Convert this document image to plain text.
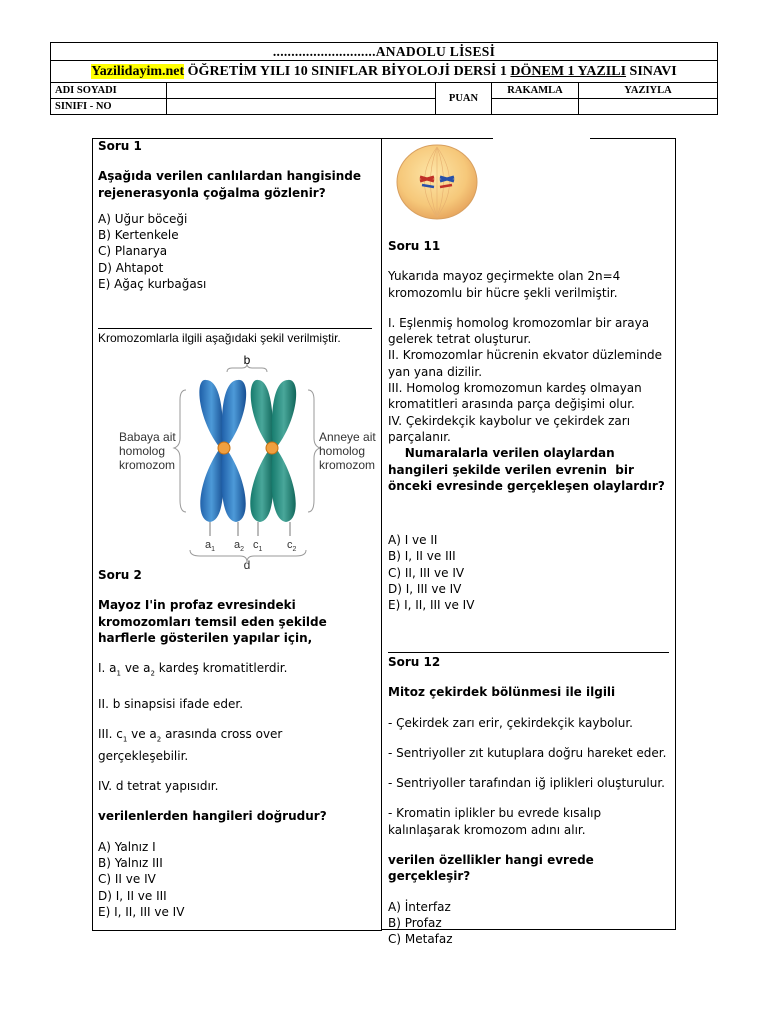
............................ANADOLU LİSESİ				
Yazilidayim.net ÖĞRETİM YILI 10 SINIFLAR BİYOLOJİ DERSİ 1 DÖNEM 1 YAZILI SINAVI				
ADI SOYADI		PUAN	RAKAMLA	YAZIYLA
SINIFI - NO				

Soru 1

Aşağıda verilen canlılardan hangisinde rejenerasyonla çoğalma gözlenir?

A) Uğur böceği

B) Kertenkele

C) Planarya

D) Ahtapot

E) Ağaç kurbağası

Kromozomlarla ilgili aşağıdaki şekil verilmiştir.
b
Babaya ait
homolog
kromozom
Anneye ait
homolog
kromozom
$a_1$ $a_2$ $c_1$ $c_2$
d

Soru 2

Mayoz I'in profaz evresindeki kromozomları temsil eden şekilde harflerle gösterilen yapılar için,

I. $a_1$ ve $a_2$ kardeş kromatitlerdir.

II. b sinapsisi ifade eder.

III. $c_1$ ve $a_2$ arasında cross over gerçekleşebilir.

IV. d tetrat yapısıdır.

verilenlerden hangileri doğrudur?

A) Yalnız I

B) Yalnız III

C) II ve IV

D) I, II ve III

E) I, II, III ve IV

Soru 11

Yukarıda mayoz geçirmekte olan 2n=4 kromozomlu bir hücre şekli verilmiştir.

I. Eşlenmiş homolog kromozomlar bir araya gelerek tetrat oluşturur.

II. Kromozomlar hücrenin ekvator düzleminde yan yana dizilir.

III. Homolog kromozomun kardeş olmayan kromatitleri arasında parça değişimi olur.

IV. Çekirdekçik kaybolur ve çekirdek zarı parçalanır.

Numaralarla verilen olaylardan hangileri şekilde verilen evrenin  bir önceki evresinde gerçekleşen olaylardır?

A) I ve II

B) I, II ve III

C) II, III ve IV

D) I, III ve IV

E) I, II, III ve IV

Soru 12

Mitoz çekirdek bölünmesi ile ilgili

- Çekirdek zarı erir, çekirdekçik kaybolur.

- Sentriyoller zıt kutuplara doğru hareket eder.

- Sentriyoller tarafından iğ iplikleri oluşturulur.

- Kromatin iplikler bu evrede kısalıp kalınlaşarak kromozom adını alır.

verilen özellikler hangi evrede gerçekleşir?

A) İnterfaz

B) Profaz

C) Metafaz
